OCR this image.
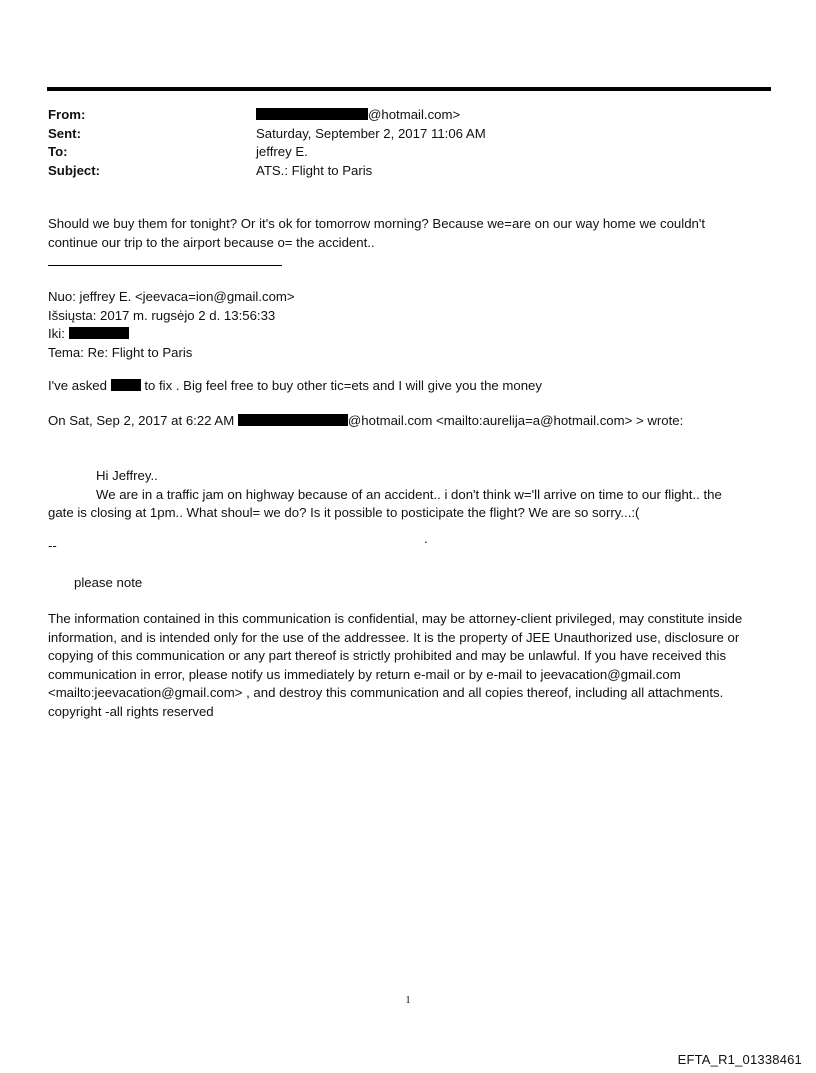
From:	@hotmail.com>
Sent:	Saturday, September 2, 2017 11:06 AM
To:	jeffrey E.
Subject:	ATS.: Flight to Paris

Should we buy them for tonight? Or it's ok for tomorrow morning? Because we=are on our way home we couldn't continue our trip to the airport because o= the accident..

Nuo: jeffrey E. <jeevaca=ion@gmail.com>

Išsiųsta: 2017 m. rugsėjo 2 d. 13:56:33

Iki:

Tema: Re: Flight to Paris

I've asked	to fix . Big feel free to buy other tic=ets and I will give you the money

On Sat, Sep 2, 2017 at 6:22 AM	@hotmail.com <mailto:aurelija=a@hotmail.com> > wrote:

Hi Jeffrey..

We are in a traffic jam on highway because of an accident.. i don't think w='ll arrive on time to our flight.. the

gate is closing at 1pm.. What shoul= we do? Is it possible to posticipate the flight? We are so sorry...:(

--	.

please note

The information contained in this communication is confidential, may be attorney-client privileged, may constitute inside information, and is intended only for the use of the addressee. It is the property of JEE Unauthorized use, disclosure or copying of this communication or any part thereof is strictly prohibited and may be unlawful. If you have received this communication in error, please notify us immediately by return e-mail or by e-mail to jeevacation@gmail.com <mailto:jeevacation@gmail.com> , and destroy this communication and all copies thereof, including all attachments. copyright -all rights reserved

1
EFTA_R1_01338461
